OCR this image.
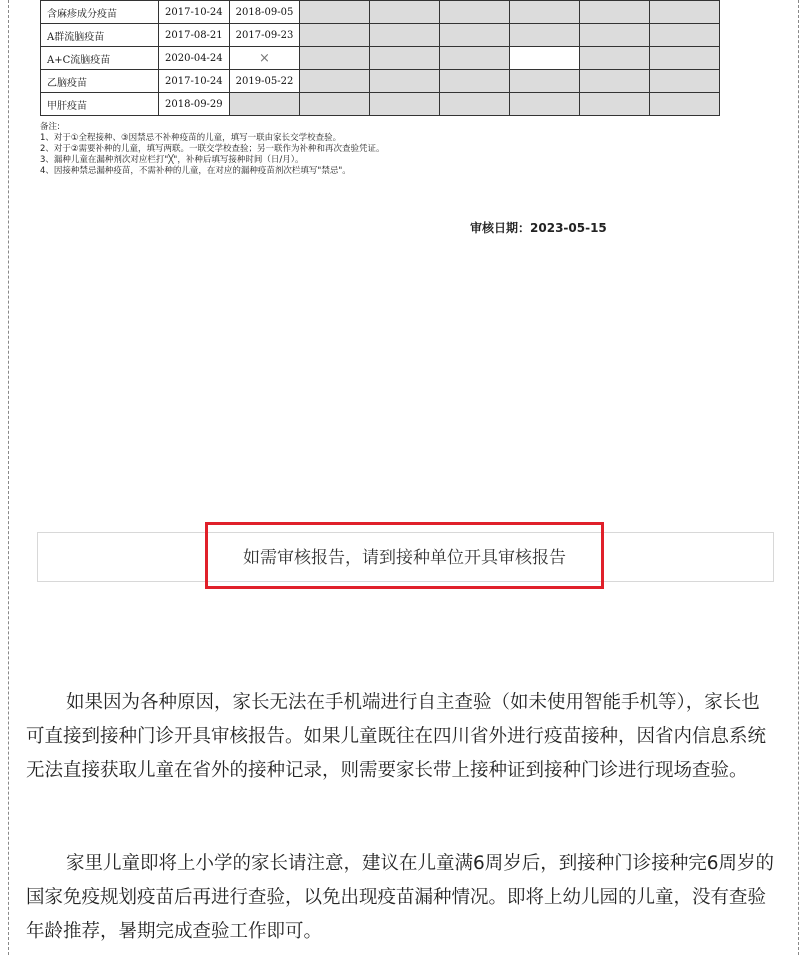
含麻疹成分疫苗	2017-10-24	2018-09-05						
A群流脑疫苗	2017-08-21	2017-09-23						
A+C流脑疫苗	2020-04-24	×						
乙脑疫苗	2017-10-24	2019-05-22						
甲肝疫苗	2018-09-29							
备注:
1、对于①全程接种、③因禁忌不补种疫苗的儿童，填写一联由家长交学校查验。
2、对于②需要补种的儿童，填写两联。一联交学校查验；另一联作为补种和再次查验凭证。
3、漏种儿童在漏种剂次对应栏打"╳"，补种后填写接种时间（日/月）。
4、因接种禁忌漏种疫苗，不需补种的儿童，在对应的漏种疫苗剂次栏填写"禁忌"。
审核日期：2023-05-15
如需审核报告，请到接种单位开具审核报告

如果因为各种原因，家长无法在手机端进行自主查验（如未使用智能手机等），家长也可直接到接种门诊开具审核报告。如果儿童既往在四川省外进行疫苗接种，因省内信息系统无法直接获取儿童在省外的接种记录，则需要家长带上接种证到接种门诊进行现场查验。

家里儿童即将上小学的家长请注意，建议在儿童满6周岁后，到接种门诊接种完6周岁的国家免疫规划疫苗后再进行查验，以免出现疫苗漏种情况。即将上幼儿园的儿童，没有查验年龄推荐，暑期完成查验工作即可。
